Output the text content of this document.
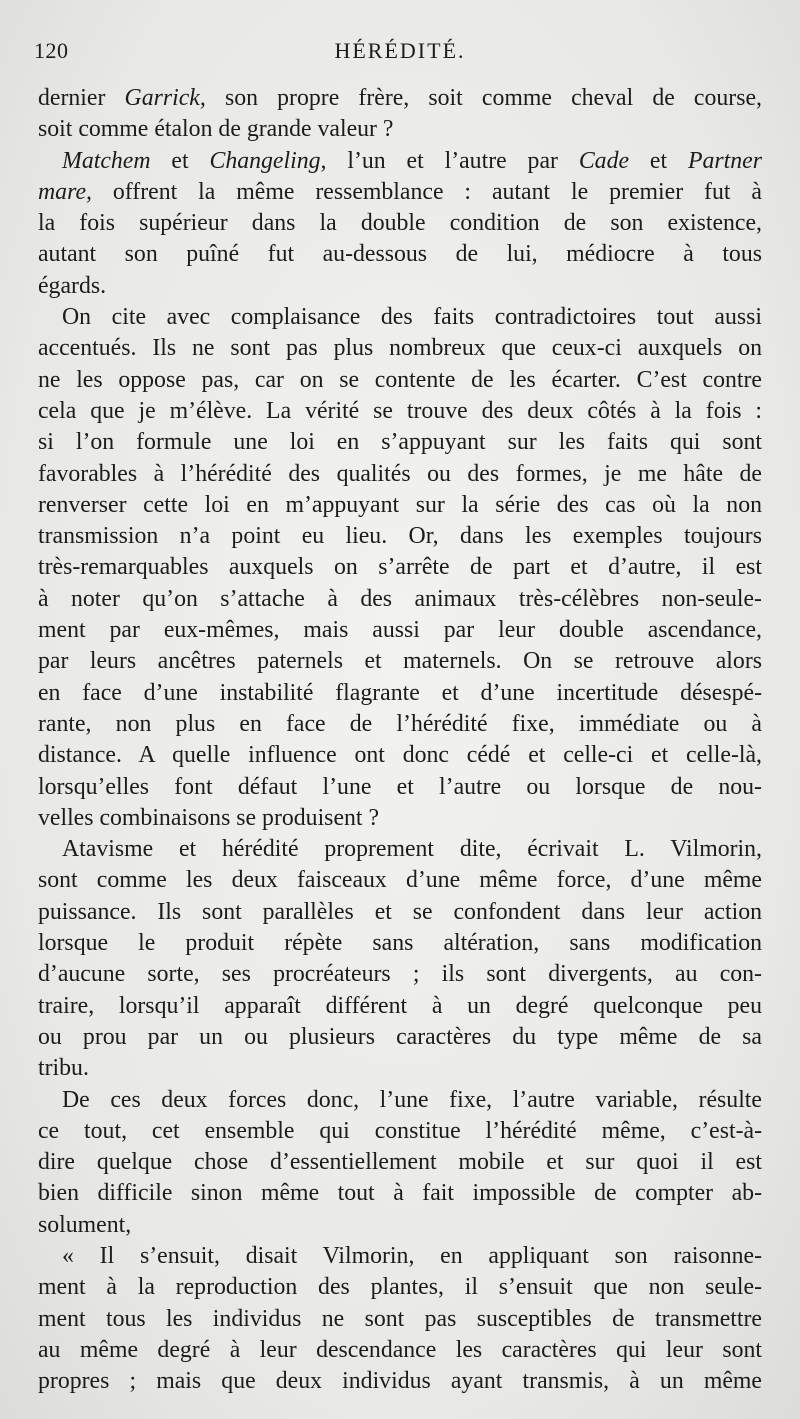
120	HÉRÉDITÉ.
dernier Garrick, son propre frère, soit comme cheval de course,
soit comme étalon de grande valeur ?
Matchem et Changeling, l’un et l’autre par Cade et Partner
mare, offrent la même ressemblance : autant le premier fut à
la fois supérieur dans la double condition de son existence,
autant son puîné fut au-dessous de lui, médiocre à tous
égards.
On cite avec complaisance des faits contradictoires tout aussi
accentués. Ils ne sont pas plus nombreux que ceux-ci auxquels on
ne les oppose pas, car on se contente de les écarter. C’est contre
cela que je m’élève. La vérité se trouve des deux côtés à la fois :
si l’on formule une loi en s’appuyant sur les faits qui sont
favorables à l’hérédité des qualités ou des formes, je me hâte de
renverser cette loi en m’appuyant sur la série des cas où la non
transmission n’a point eu lieu. Or, dans les exemples toujours
très-remarquables auxquels on s’arrête de part et d’autre, il est
à noter qu’on s’attache à des animaux très-célèbres non-seule-
ment par eux-mêmes, mais aussi par leur double ascendance,
par leurs ancêtres paternels et maternels. On se retrouve alors
en face d’une instabilité flagrante et d’une incertitude désespé-
rante, non plus en face de l’hérédité fixe, immédiate ou à
distance. A quelle influence ont donc cédé et celle-ci et celle-là,
lorsqu’elles font défaut l’une et l’autre ou lorsque de nou-
velles combinaisons se produisent ?
Atavisme et hérédité proprement dite, écrivait L. Vilmorin,
sont comme les deux faisceaux d’une même force, d’une même
puissance. Ils sont parallèles et se confondent dans leur action
lorsque le produit répète sans altération, sans modification
d’aucune sorte, ses procréateurs ; ils sont divergents, au con-
traire, lorsqu’il apparaît différent à un degré quelconque peu
ou prou par un ou plusieurs caractères du type même de sa
tribu.
De ces deux forces donc, l’une fixe, l’autre variable, résulte
ce tout, cet ensemble qui constitue l’hérédité même, c’est-à-
dire quelque chose d’essentiellement mobile et sur quoi il est
bien difficile sinon même tout à fait impossible de compter ab-
solument,
« Il s’ensuit, disait Vilmorin, en appliquant son raisonne-
ment à la reproduction des plantes, il s’ensuit que non seule-
ment tous les individus ne sont pas susceptibles de transmettre
au même degré à leur descendance les caractères qui leur sont
propres ; mais que deux individus ayant transmis, à un même
